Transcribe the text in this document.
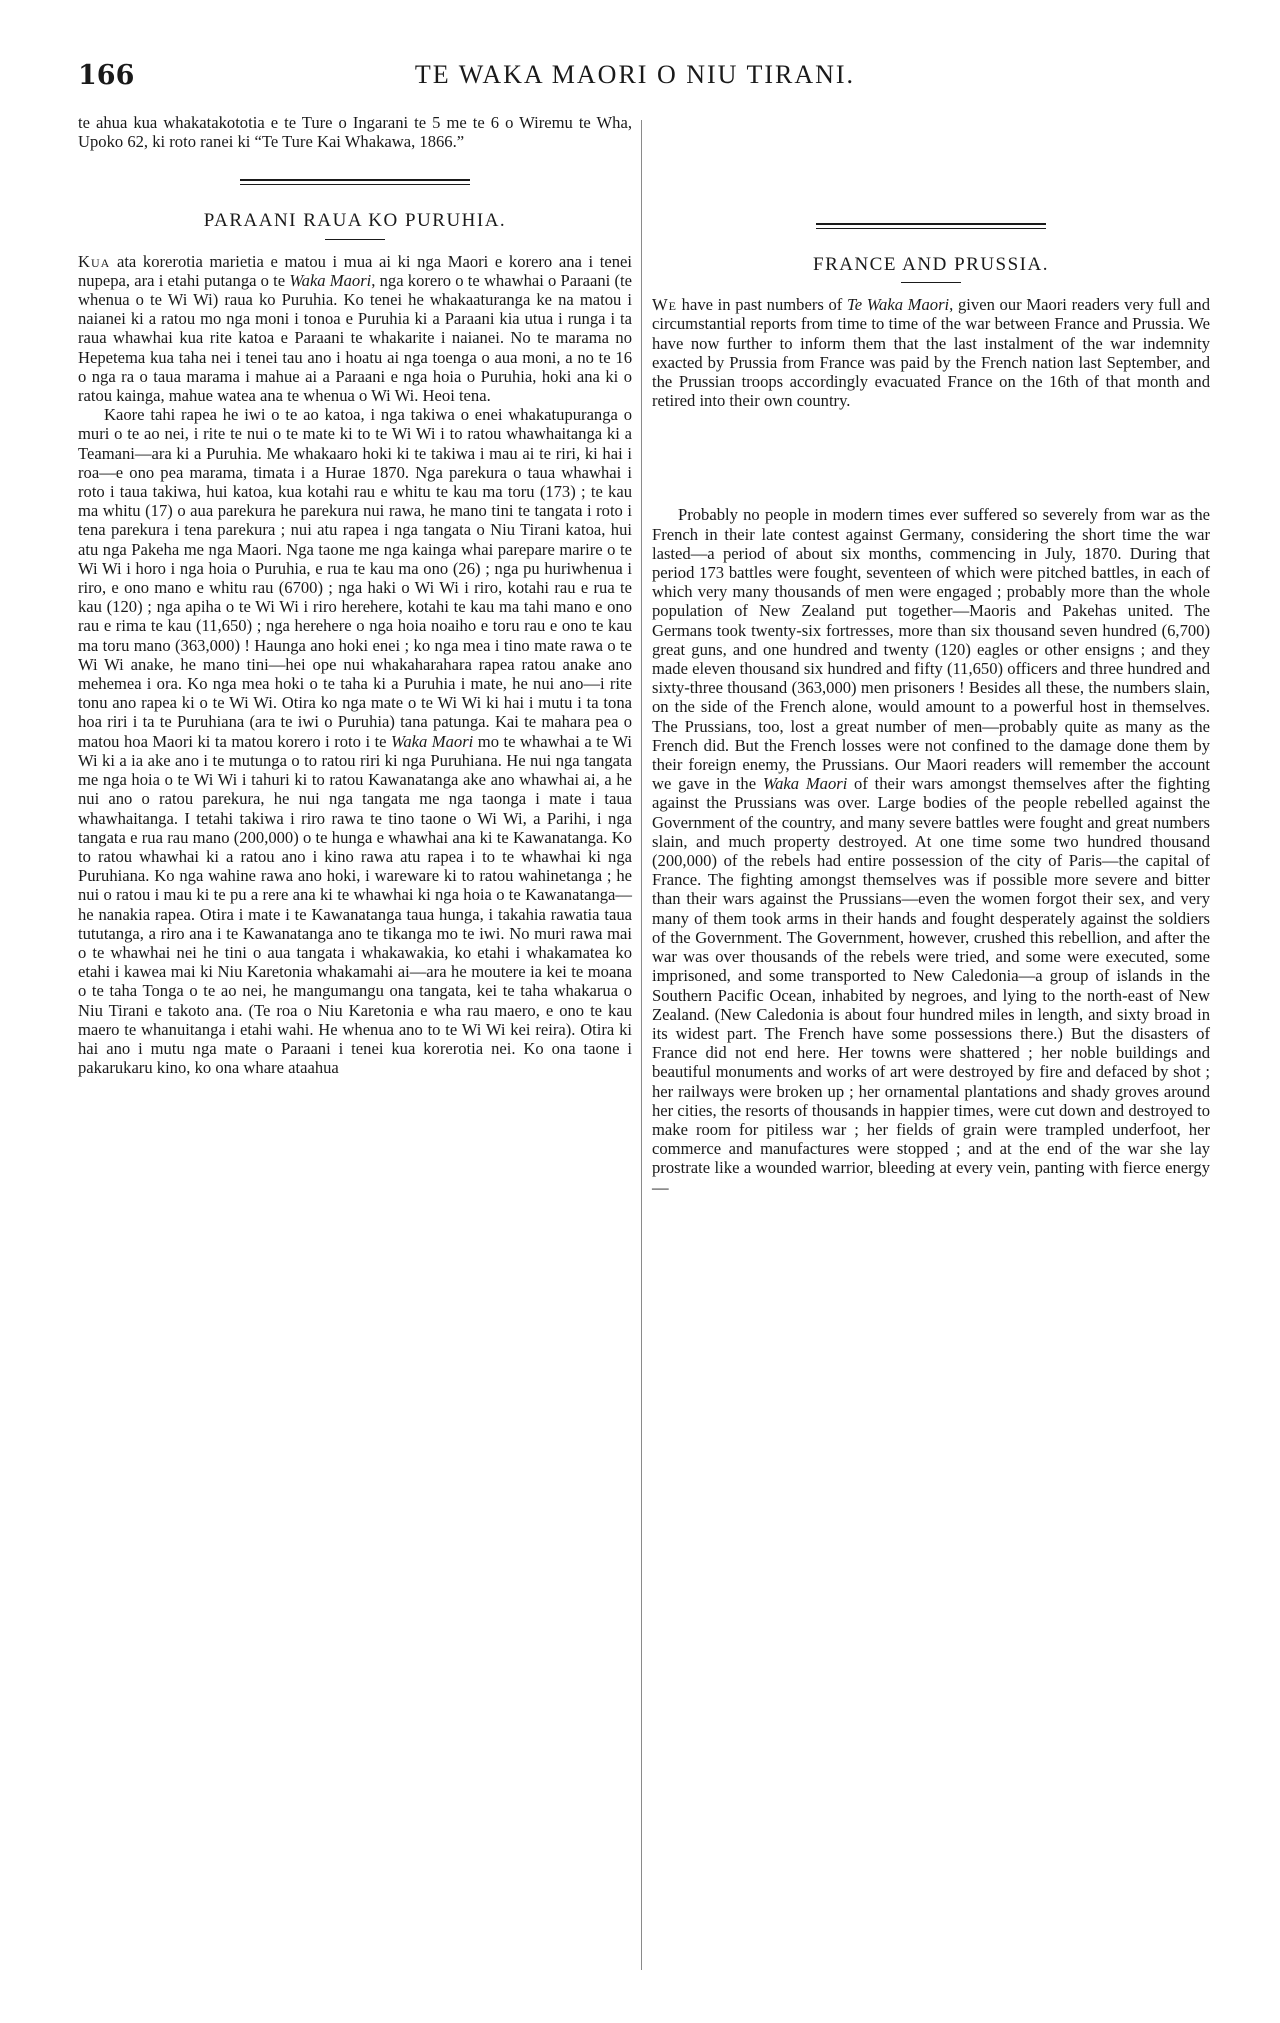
166	TE WAKA MAORI O NIU TIRANI.

te ahua kua whakatakototia e te Ture o Ingarani te 5 me te 6 o Wiremu te Wha, Upoko 62, ki roto ranei ki “Te Ture Kai Whakawa, 1866.”

PARAANI RAUA KO PURUHIA.

Kua ata korerotia marietia e matou i mua ai ki nga Maori e korero ana i tenei nupepa, ara i etahi putanga o te Waka Maori, nga korero o te whawhai o Paraani (te whenua o te Wi Wi) raua ko Puruhia. Ko tenei he whakaaturanga ke na matou i naianei ki a ratou mo nga moni i tonoa e Puruhia ki a Paraani kia utua i runga i ta raua whawhai kua rite katoa e Paraani te whakarite i naianei. No te marama no Hepetema kua taha nei i tenei tau ano i hoatu ai nga toenga o aua moni, a no te 16 o nga ra o taua marama i mahue ai a Paraani e nga hoia o Puruhia, hoki ana ki o ratou kainga, mahue watea ana te whenua o Wi Wi. Heoi tena.

Kaore tahi rapea he iwi o te ao katoa, i nga takiwa o enei whakatupuranga o muri o te ao nei, i rite te nui o te mate ki to te Wi Wi i to ratou whawhaitanga ki a Teamani—ara ki a Puruhia. Me whakaaro hoki ki te takiwa i mau ai te riri, ki hai i roa—e ono pea marama, timata i a Hurae 1870. Nga parekura o taua whawhai i roto i taua takiwa, hui katoa, kua kotahi rau e whitu te kau ma toru (173) ; te kau ma whitu (17) o aua parekura he parekura nui rawa, he mano tini te tangata i roto i tena parekura i tena parekura ; nui atu rapea i nga tangata o Niu Tirani katoa, hui atu nga Pakeha me nga Maori. Nga taone me nga kainga whai parepare marire o te Wi Wi i horo i nga hoia o Puruhia, e rua te kau ma ono (26) ; nga pu huriwhenua i riro, e ono mano e whitu rau (6700) ; nga haki o Wi Wi i riro, kotahi rau e rua te kau (120) ; nga apiha o te Wi Wi i riro herehere, kotahi te kau ma tahi mano e ono rau e rima te kau (11,650) ; nga herehere o nga hoia noaiho e toru rau e ono te kau ma toru mano (363,000) ! Haunga ano hoki enei ; ko nga mea i tino mate rawa o te Wi Wi anake, he mano tini—hei ope nui whakaharahara rapea ratou anake ano mehemea i ora. Ko nga mea hoki o te taha ki a Puruhia i mate, he nui ano—i rite tonu ano rapea ki o te Wi Wi. Otira ko nga mate o te Wi Wi ki hai i mutu i ta tona hoa riri i ta te Puruhiana (ara te iwi o Puruhia) tana patunga. Kai te mahara pea o matou hoa Maori ki ta matou korero i roto i te Waka Maori mo te whawhai a te Wi Wi ki a ia ake ano i te mutunga o to ratou riri ki nga Puruhiana. He nui nga tangata me nga hoia o te Wi Wi i tahuri ki to ratou Kawanatanga ake ano whawhai ai, a he nui ano o ratou parekura, he nui nga tangata me nga taonga i mate i taua whawhaitanga. I tetahi takiwa i riro rawa te tino taone o Wi Wi, a Parihi, i nga tangata e rua rau mano (200,000) o te hunga e whawhai ana ki te Kawanatanga. Ko to ratou whawhai ki a ratou ano i kino rawa atu rapea i to te whawhai ki nga Puruhiana. Ko nga wahine rawa ano hoki, i wareware ki to ratou wahinetanga ; he nui o ratou i mau ki te pu a rere ana ki te whawhai ki nga hoia o te Kawanatanga—he nanakia rapea. Otira i mate i te Kawanatanga taua hunga, i takahia rawatia taua tututanga, a riro ana i te Kawanatanga ano te tikanga mo te iwi. No muri rawa mai o te whawhai nei he tini o aua tangata i whakawakia, ko etahi i whakamatea ko etahi i kawea mai ki Niu Karetonia whakamahi ai—ara he moutere ia kei te moana o te taha Tonga o te ao nei, he mangumangu ona tangata, kei te taha whakarua o Niu Tirani e takoto ana. (Te roa o Niu Karetonia e wha rau maero, e ono te kau maero te whanuitanga i etahi wahi. He whenua ano to te Wi Wi kei reira). Otira ki hai ano i mutu nga mate o Paraani i tenei kua korerotia nei. Ko ona taone i pakarukaru kino, ko ona whare ataahua

FRANCE AND PRUSSIA.

We have in past numbers of Te Waka Maori, given our Maori readers very full and circumstantial reports from time to time of the war between France and Prussia. We have now further to inform them that the last instalment of the war indemnity exacted by Prussia from France was paid by the French nation last September, and the Prussian troops accordingly evacuated France on the 16th of that month and retired into their own country.

Probably no people in modern times ever suffered so severely from war as the French in their late contest against Germany, considering the short time the war lasted—a period of about six months, commencing in July, 1870. During that period 173 battles were fought, seventeen of which were pitched battles, in each of which very many thousands of men were engaged ; probably more than the whole population of New Zealand put together—Maoris and Pakehas united. The Germans took twenty-six fortresses, more than six thousand seven hundred (6,700) great guns, and one hundred and twenty (120) eagles or other ensigns ; and they made eleven thousand six hundred and fifty (11,650) officers and three hundred and sixty-three thousand (363,000) men prisoners ! Besides all these, the numbers slain, on the side of the French alone, would amount to a powerful host in themselves. The Prussians, too, lost a great number of men—probably quite as many as the French did. But the French losses were not confined to the damage done them by their foreign enemy, the Prussians. Our Maori readers will remember the account we gave in the Waka Maori of their wars amongst themselves after the fighting against the Prussians was over. Large bodies of the people rebelled against the Government of the country, and many severe battles were fought and great numbers slain, and much property destroyed. At one time some two hundred thousand (200,000) of the rebels had entire possession of the city of Paris—the capital of France. The fighting amongst themselves was if possible more severe and bitter than their wars against the Prussians—even the women forgot their sex, and very many of them took arms in their hands and fought desperately against the soldiers of the Government. The Government, however, crushed this rebellion, and after the war was over thousands of the rebels were tried, and some were executed, some imprisoned, and some transported to New Caledonia—a group of islands in the Southern Pacific Ocean, inhabited by negroes, and lying to the north-east of New Zealand. (New Caledonia is about four hundred miles in length, and sixty broad in its widest part. The French have some possessions there.) But the disasters of France did not end here. Her towns were shattered ; her noble buildings and beautiful monuments and works of art were destroyed by fire and defaced by shot ; her railways were broken up ; her ornamental plantations and shady groves around her cities, the resorts of thousands in happier times, were cut down and destroyed to make room for pitiless war ; her fields of grain were trampled underfoot, her commerce and manufactures were stopped ; and at the end of the war she lay prostrate like a wounded warrior, bleeding at every vein, panting with fierce energy—
